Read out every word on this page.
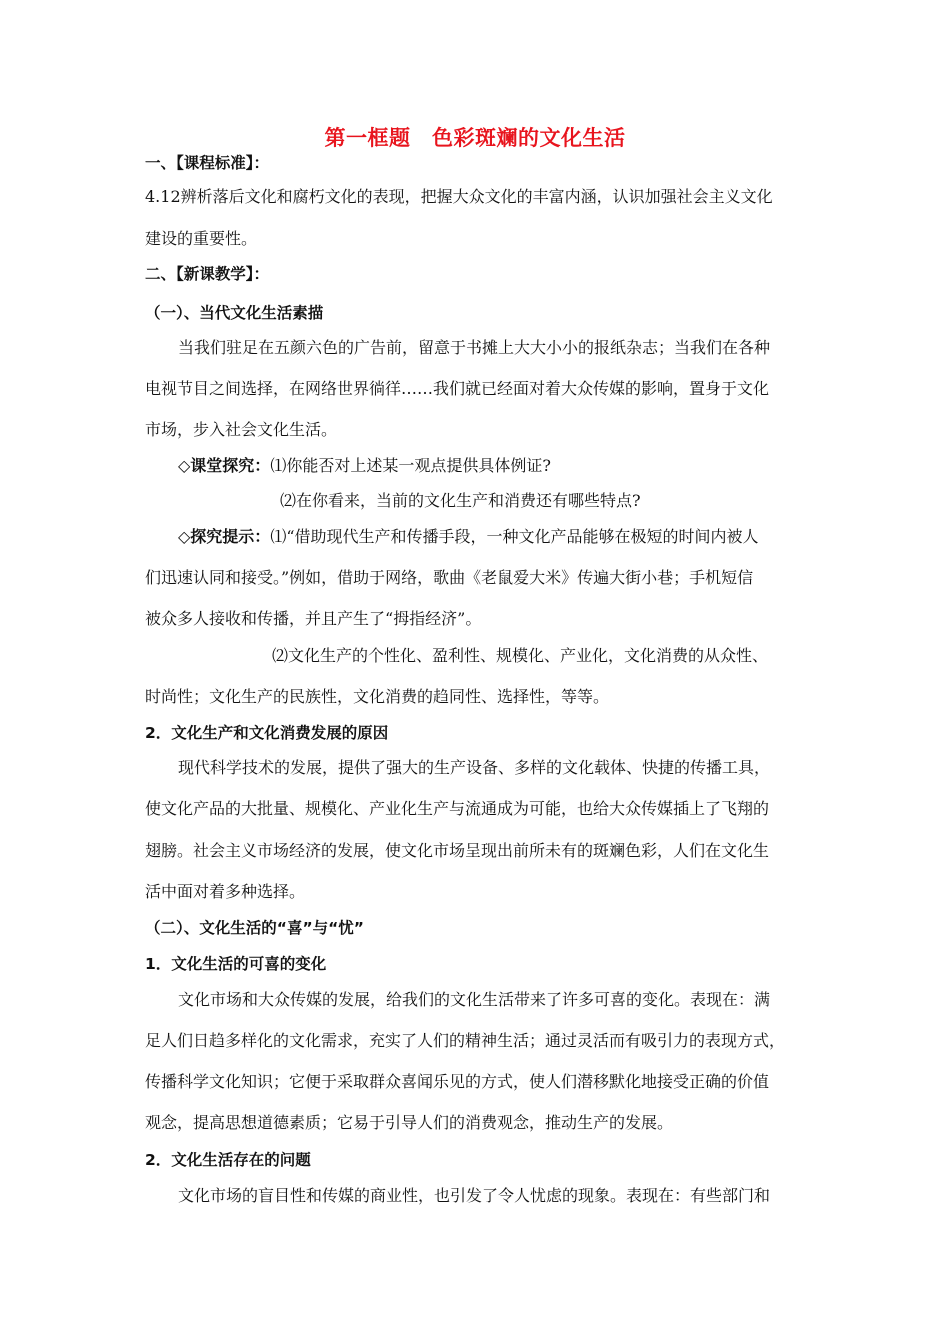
第一框题　色彩斑斓的文化生活
一、【课程标准】：
4.12辨析落后文化和腐朽文化的表现，把握大众文化的丰富内涵，认识加强社会主义文化
建设的重要性。
二、【新课教学】：
（一）、当代文化生活素描
当我们驻足在五颜六色的广告前，留意于书摊上大大小小的报纸杂志；当我们在各种
电视节目之间选择，在网络世界徜徉……我们就已经面对着大众传媒的影响，置身于文化
市场，步入社会文化生活。
◇课堂探究：⑴你能否对上述某一观点提供具体例证?
⑵在你看来，当前的文化生产和消费还有哪些特点?
◇探究提示：⑴“借助现代生产和传播手段，一种文化产品能够在极短的时间内被人
们迅速认同和接受。”例如，借助于网络，歌曲《老鼠爱大米》传遍大街小巷；手机短信
被众多人接收和传播，并且产生了“拇指经济”。
⑵文化生产的个性化、盈利性、规模化、产业化，文化消费的从众性、
时尚性；文化生产的民族性，文化消费的趋同性、选择性，等等。
2．文化生产和文化消费发展的原因
现代科学技术的发展，提供了强大的生产设备、多样的文化载体、快捷的传播工具，
使文化产品的大批量、规模化、产业化生产与流通成为可能，也给大众传媒插上了飞翔的
翅膀。社会主义市场经济的发展，使文化市场呈现出前所未有的斑斓色彩，人们在文化生
活中面对着多种选择。
（二）、文化生活的“喜”与“忧”
1．文化生活的可喜的变化
文化市场和大众传媒的发展，给我们的文化生活带来了许多可喜的变化。表现在：满
足人们日趋多样化的文化需求，充实了人们的精神生活；通过灵活而有吸引力的表现方式，
传播科学文化知识；它便于采取群众喜闻乐见的方式，使人们潜移默化地接受正确的价值
观念，提高思想道德素质；它易于引导人们的消费观念，推动生产的发展。
2．文化生活存在的问题
文化市场的盲目性和传媒的商业性，也引发了令人忧虑的现象。表现在：有些部门和
